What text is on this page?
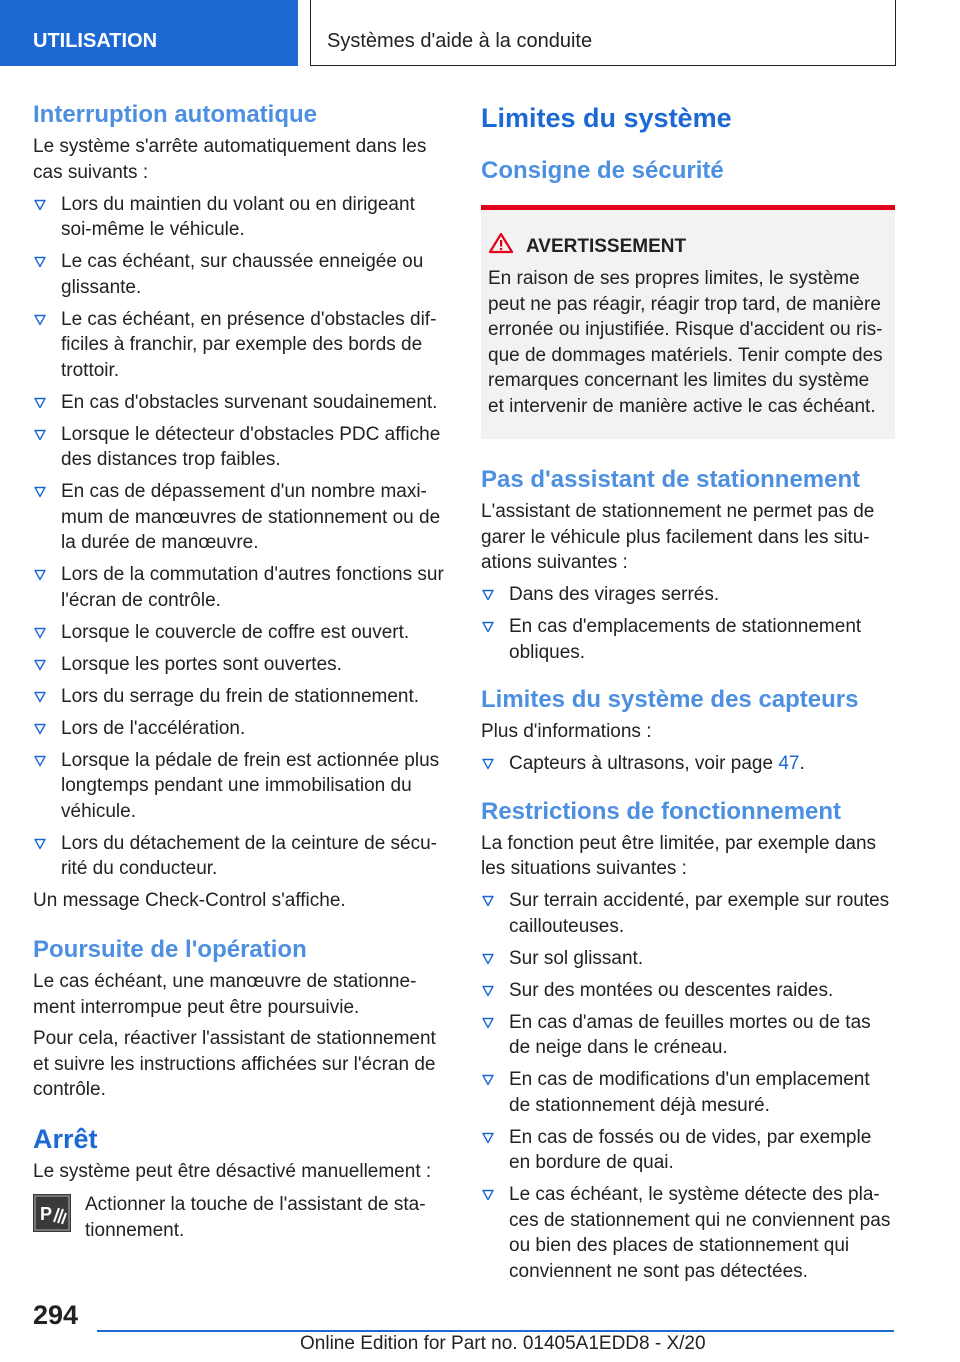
UTILISATION	Systèmes d'aide à la conduite
Interruption automatique

Le système s'arrête automatiquement dans les cas suivants :

Lors du maintien du volant ou en dirigeant soi-même le véhicule.
Le cas échéant, sur chaussée enneigée ou glissante.
Le cas échéant, en présence d'obstacles dif-ficiles à franchir, par exemple des bords de trottoir.
En cas d'obstacles survenant soudainement.
Lorsque le détecteur d'obstacles PDC affiche des distances trop faibles.
En cas de dépassement d'un nombre maxi-mum de manœuvres de stationnement ou de la durée de manœuvre.
Lors de la commutation d'autres fonctions sur l'écran de contrôle.
Lorsque le couvercle de coffre est ouvert.
Lorsque les portes sont ouvertes.
Lors du serrage du frein de stationnement.
Lors de l'accélération.
Lorsque la pédale de frein est actionnée plus longtemps pendant une immobilisation du véhicule.
Lors du détachement de la ceinture de sécu-rité du conducteur.

Un message Check-Control s'affiche.

Poursuite de l'opération

Le cas échéant, une manœuvre de stationne-ment interrompue peut être poursuivie.

Pour cela, réactiver l'assistant de stationnement et suivre les instructions affichées sur l'écran de contrôle.

Arrêt

Le système peut être désactivé manuellement :

P Actionner la touche de l'assistant de sta-tionnement.

Limites du système
Consigne de sécurité
AVERTISSEMENT

En raison de ses propres limites, le système peut ne pas réagir, réagir trop tard, de manière erronée ou injustifiée. Risque d'accident ou ris-que de dommages matériels. Tenir compte des remarques concernant les limites du système et intervenir de manière active le cas échéant.

Pas d'assistant de stationnement

L'assistant de stationnement ne permet pas de garer le véhicule plus facilement dans les situ-ations suivantes :

Dans des virages serrés.
En cas d'emplacements de stationnement obliques.
Limites du système des capteurs

Plus d'informations :

Capteurs à ultrasons, voir page 47.
Restrictions de fonctionnement

La fonction peut être limitée, par exemple dans les situations suivantes :

Sur terrain accidenté, par exemple sur routes caillouteuses.
Sur sol glissant.
Sur des montées ou descentes raides.
En cas d'amas de feuilles mortes ou de tas de neige dans le créneau.
En cas de modifications d'un emplacement de stationnement déjà mesuré.
En cas de fossés ou de vides, par exemple en bordure de quai.
Le cas échéant, le système détecte des pla-ces de stationnement qui ne conviennent pas ou bien des places de stationnement qui conviennent ne sont pas détectées.
294
Online Edition for Part no. 01405A1EDD8 - X/20
